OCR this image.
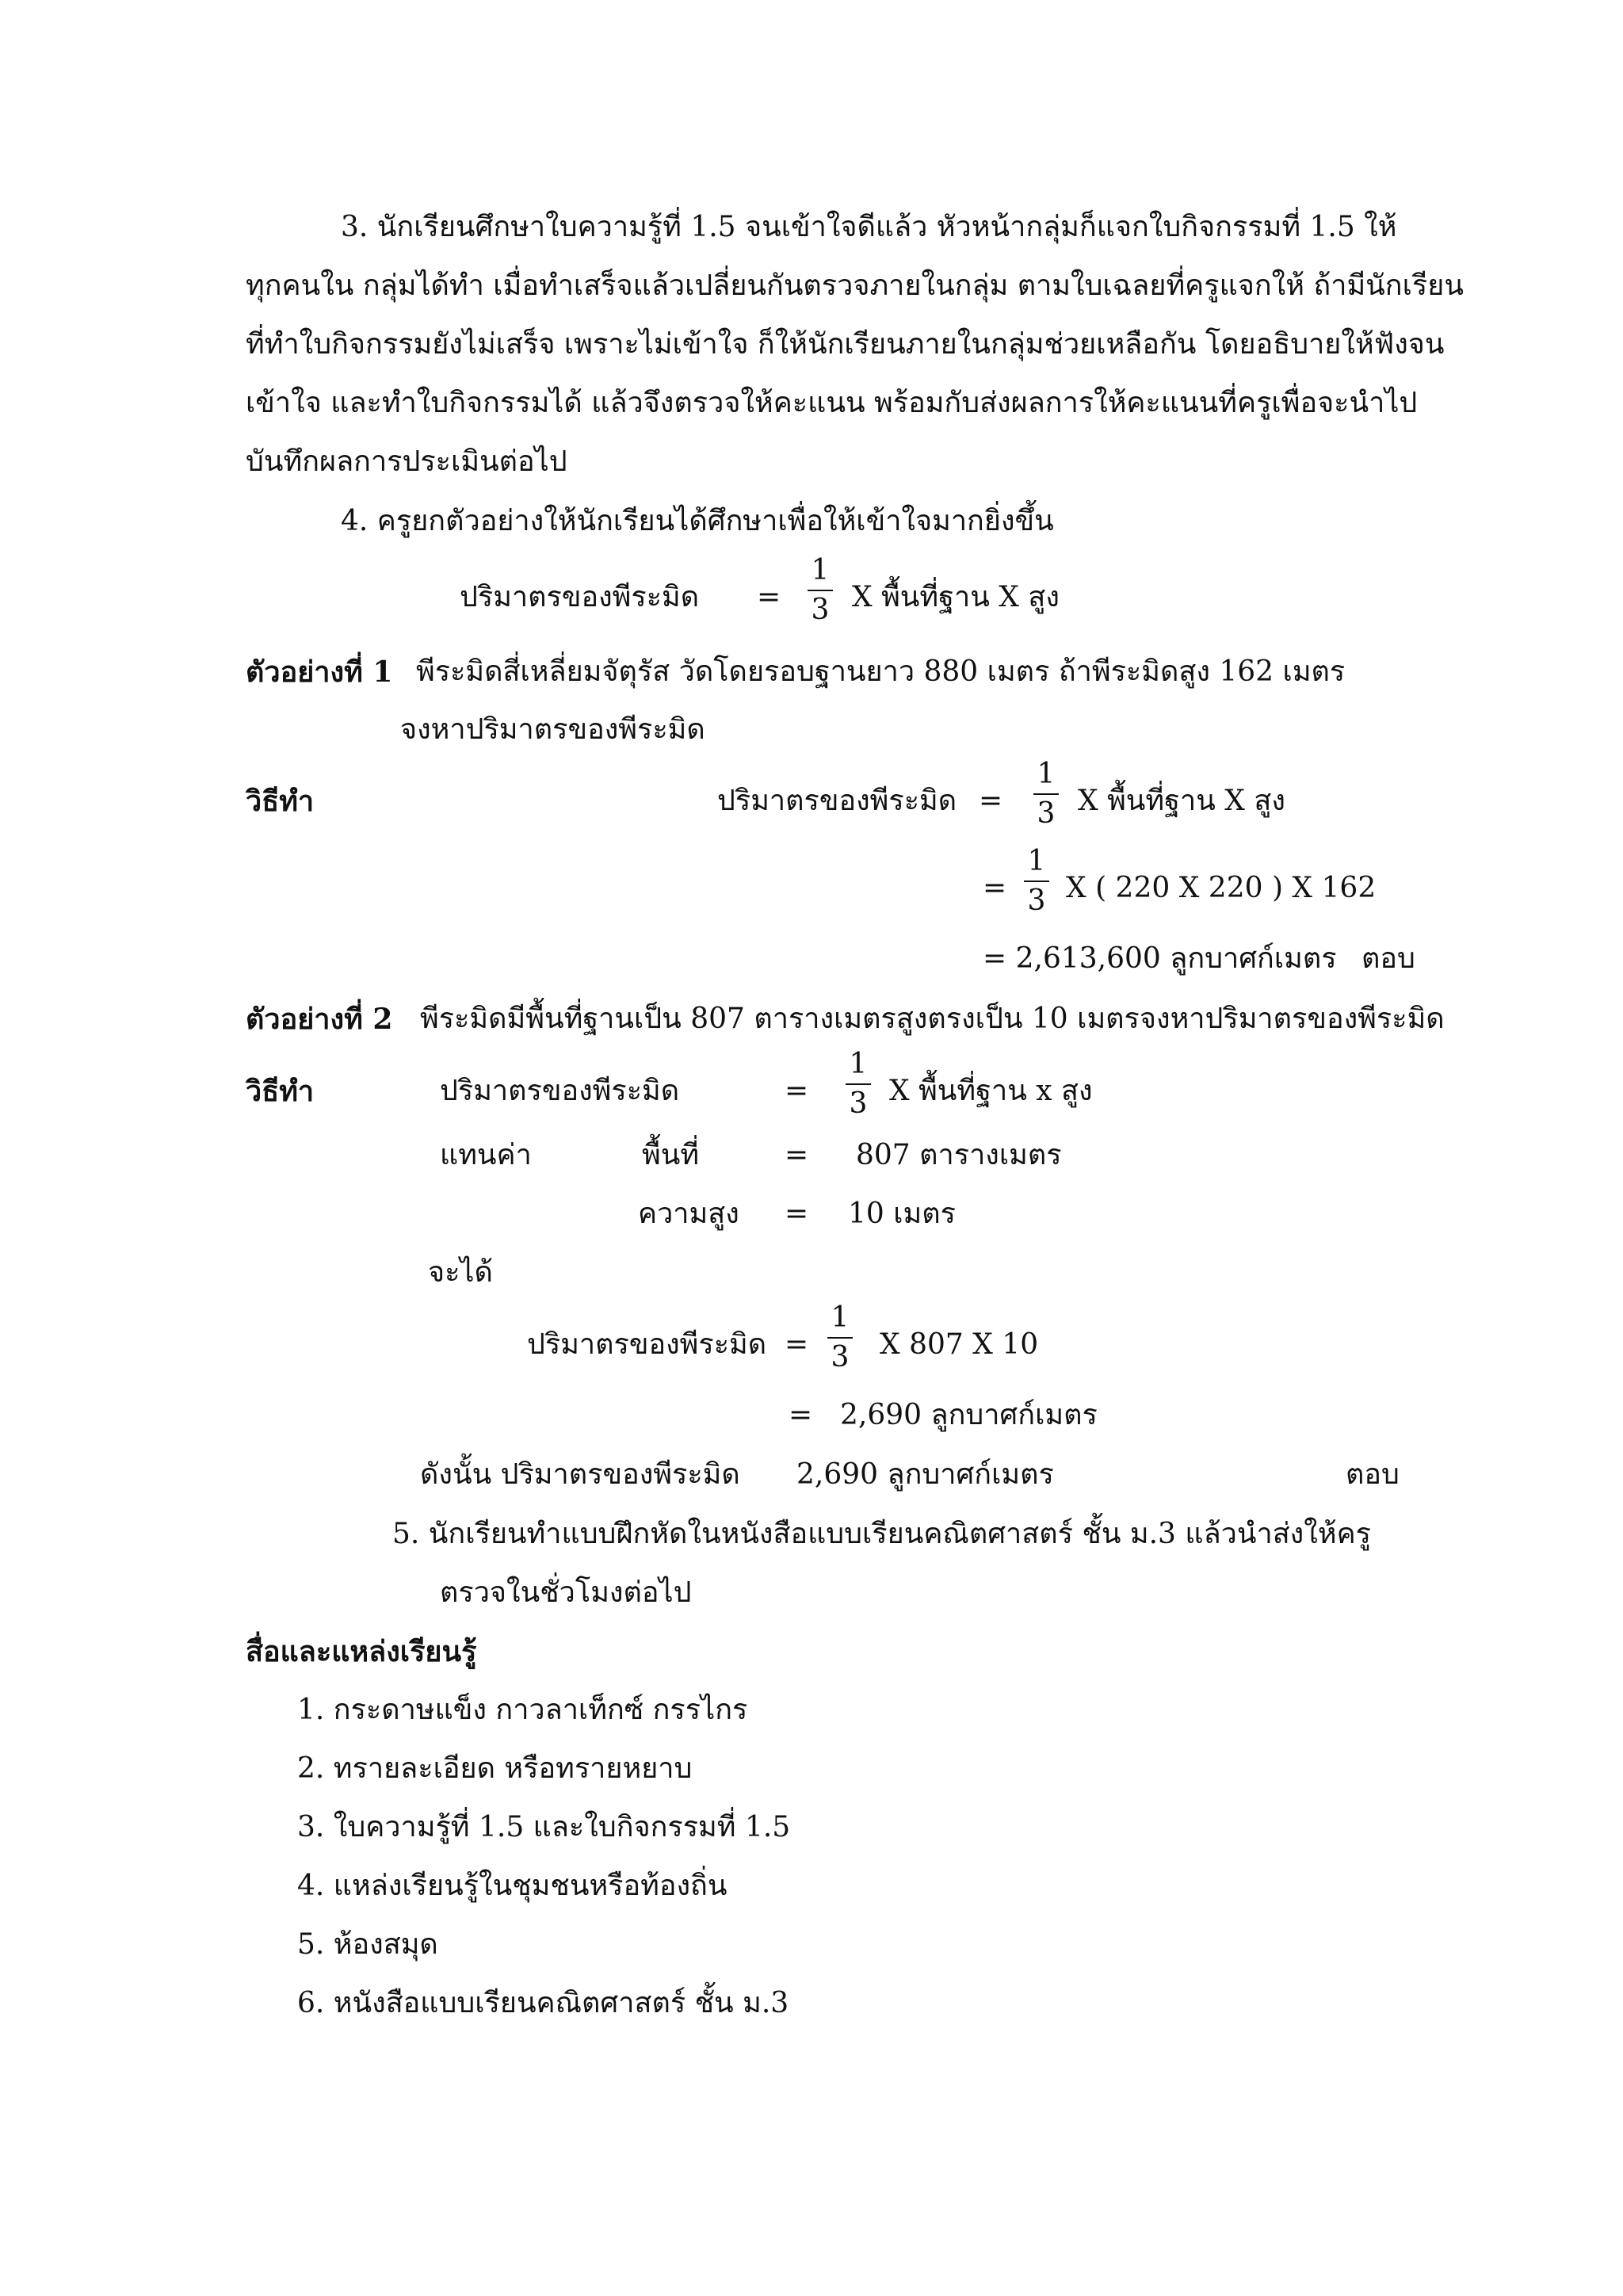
3. นักเรียนศึกษาใบความรู้ที่ 1.5 จนเข้าใจดีแล้ว หัวหน้ากลุ่มก็แจกใบกิจกรรมที่ 1.5 ให้
ทุกคนใน กลุ่มได้ทำ เมื่อทำเสร็จแล้วเปลี่ยนกันตรวจภายในกลุ่ม ตามใบเฉลยที่ครูแจกให้ ถ้ามีนักเรียน
ที่ทำใบกิจกรรมยังไม่เสร็จ เพราะไม่เข้าใจ ก็ให้นักเรียนภายในกลุ่มช่วยเหลือกัน โดยอธิบายให้ฟังจน
เข้าใจ และทำใบกิจกรรมได้ แล้วจึงตรวจให้คะแนน พร้อมกับส่งผลการให้คะแนนที่ครูเพื่อจะนำไป
บันทึกผลการประเมินต่อไป
4. ครูยกตัวอย่างให้นักเรียนได้ศึกษาเพื่อให้เข้าใจมากยิ่งขึ้น
ปริมาตรของพีระมิด =
1
3 X พื้นที่ฐาน X สูง
ตัวอย่างที่ 1 พีระมิดสี่เหลี่ยมจัตุรัส วัดโดยรอบฐานยาว 880 เมตร ถ้าพีระมิดสูง 162 เมตร
จงหาปริมาตรของพีระมิด
วิธีทำ	ปริมาตรของพีระมิด =
1
3 X พื้นที่ฐาน X สูง
=
1
3 X ( 220 X 220 ) X 162
= 2,613,600 ลูกบาศก์เมตร ตอบ
ตัวอย่างที่ 2 พีระมิดมีพื้นที่ฐานเป็น 807 ตารางเมตรสูงตรงเป็น 10 เมตรจงหาปริมาตรของพีระมิด
วิธีทำ	ปริมาตรของพีระมิด	=
1
3 X พื้นที่ฐาน x สูง
แทนค่า	พื้นที่	= 807 ตารางเมตร
ความสูง = 10 เมตร
จะได้
ปริมาตรของพีระมิด =
1
3 X 807 X 10
= 2,690 ลูกบาศก์เมตร
ดังนั้น ปริมาตรของพีระมิด 2,690 ลูกบาศก์เมตร	ตอบ
5. นักเรียนทำแบบฝึกหัดในหนังสือแบบเรียนคณิตศาสตร์ ชั้น ม.3 แล้วนำส่งให้ครู
ตรวจในชั่วโมงต่อไป
สื่อและแหล่งเรียนรู้
1. กระดาษแข็ง กาวลาเท็กซ์ กรรไกร
2. ทรายละเอียด หรือทรายหยาบ
3. ใบความรู้ที่ 1.5 และใบกิจกรรมที่ 1.5
4. แหล่งเรียนรู้ในชุมชนหรือท้องถิ่น
5. ห้องสมุด
6. หนังสือแบบเรียนคณิตศาสตร์ ชั้น ม.3
